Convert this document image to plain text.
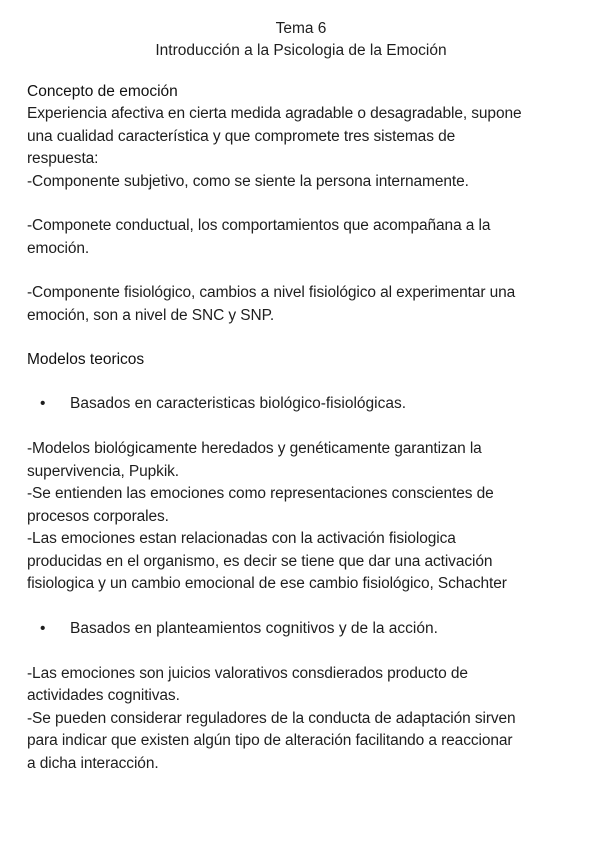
Tema 6
Introducción a la Psicologia de la Emoción
Concepto de emoción
Experiencia afectiva en cierta medida agradable o desagradable, supone
una cualidad característica y que compromete tres sistemas de
respuesta:
-Componente subjetivo, como se siente la persona internamente.
-Componete conductual, los comportamientos que acompañana a la
emoción.
-Componente fisiológico, cambios a nivel fisiológico al experimentar una
emoción, son a nivel de SNC y SNP.
Modelos teoricos
• Basados en caracteristicas biológico-fisiológicas.
-Modelos biológicamente heredados y genéticamente garantizan la
supervivencia, Pupkik.
-Se entienden las emociones como representaciones conscientes de
procesos corporales.
-Las emociones estan relacionadas con la activación fisiologica
producidas en el organismo, es decir se tiene que dar una activación
fisiologica y un cambio emocional de ese cambio fisiológico, Schachter
• Basados en planteamientos cognitivos y de la acción.
-Las emociones son juicios valorativos consdierados producto de
actividades cognitivas.
-Se pueden considerar reguladores de la conducta de adaptación sirven
para indicar que existen algún tipo de alteración facilitando a reaccionar
a dicha interacción.
